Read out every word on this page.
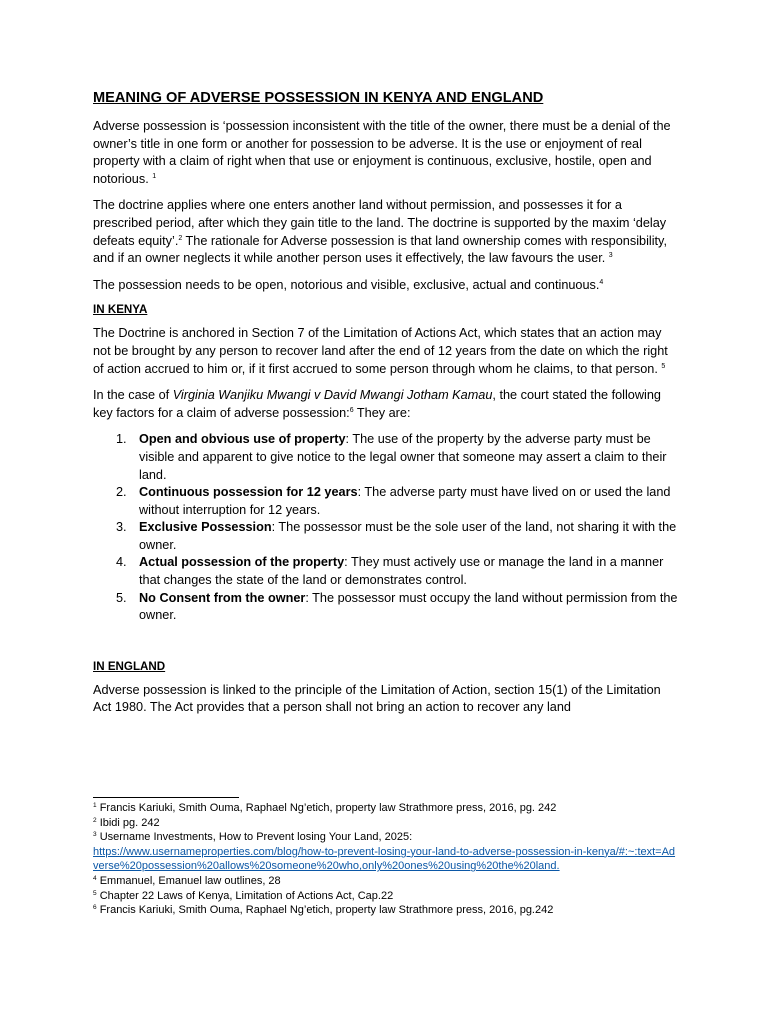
MEANING OF ADVERSE POSSESSION IN KENYA AND ENGLAND

Adverse possession is ‘possession inconsistent with the title of the owner, there must be a denial of the owner’s title in one form or another for possession to be adverse. It is the use or enjoyment of real property with a claim of right when that use or enjoyment is continuous, exclusive, hostile, open and notorious. $^1$

The doctrine applies where one enters another land without permission, and possesses it for a prescribed period, after which they gain title to the land. The doctrine is supported by the maxim ‘delay defeats equity’.$^2$ The rationale for Adverse possession is that land ownership comes with responsibility, and if an owner neglects it while another person uses it effectively, the law favours the user. $^3$

The possession needs to be open, notorious and visible, exclusive, actual and continuous.$^4$

IN KENYA

The Doctrine is anchored in Section 7 of the Limitation of Actions Act, which states that an action may not be brought by any person to recover land after the end of 12 years from the date on which the right of action accrued to him or, if it first accrued to some person through whom he claims, to that person. $^5$

In the case of Virginia Wanjiku Mwangi v David Mwangi Jotham Kamau, the court stated the following key factors for a claim of adverse possession:$^6$ They are:

1. Open and obvious use of property: The use of the property by the adverse party must be visible and apparent to give notice to the legal owner that someone may assert a claim to their land.
2. Continuous possession for 12 years: The adverse party must have lived on or used the land without interruption for 12 years.
3. Exclusive Possession: The possessor must be the sole user of the land, not sharing it with the owner.
4. Actual possession of the property: They must actively use or manage the land in a manner that changes the state of the land or demonstrates control.
5. No Consent from the owner: The possessor must occupy the land without permission from the owner.
IN ENGLAND

Adverse possession is linked to the principle of the Limitation of Action, section 15(1) of the Limitation Act 1980. The Act provides that a person shall not bring an action to recover any land

$^1$ Francis Kariuki, Smith Ouma, Raphael Ng’etich, property law Strathmore press, 2016, pg. 242
$^2$ Ibidi pg. 242
$^3$ Username Investments, How to Prevent losing Your Land, 2025:
https://www.usernameproperties.com/blog/how-to-prevent-losing-your-land-to-adverse-possession-in-kenya/#:~:text=Adverse%20possession%20allows%20someone%20who,only%20ones%20using%20the%20land.
$^4$ Emmanuel, Emanuel law outlines, 28
$^5$ Chapter 22 Laws of Kenya, Limitation of Actions Act, Cap.22
$^6$ Francis Kariuki, Smith Ouma, Raphael Ng’etich, property law Strathmore press, 2016, pg.242
